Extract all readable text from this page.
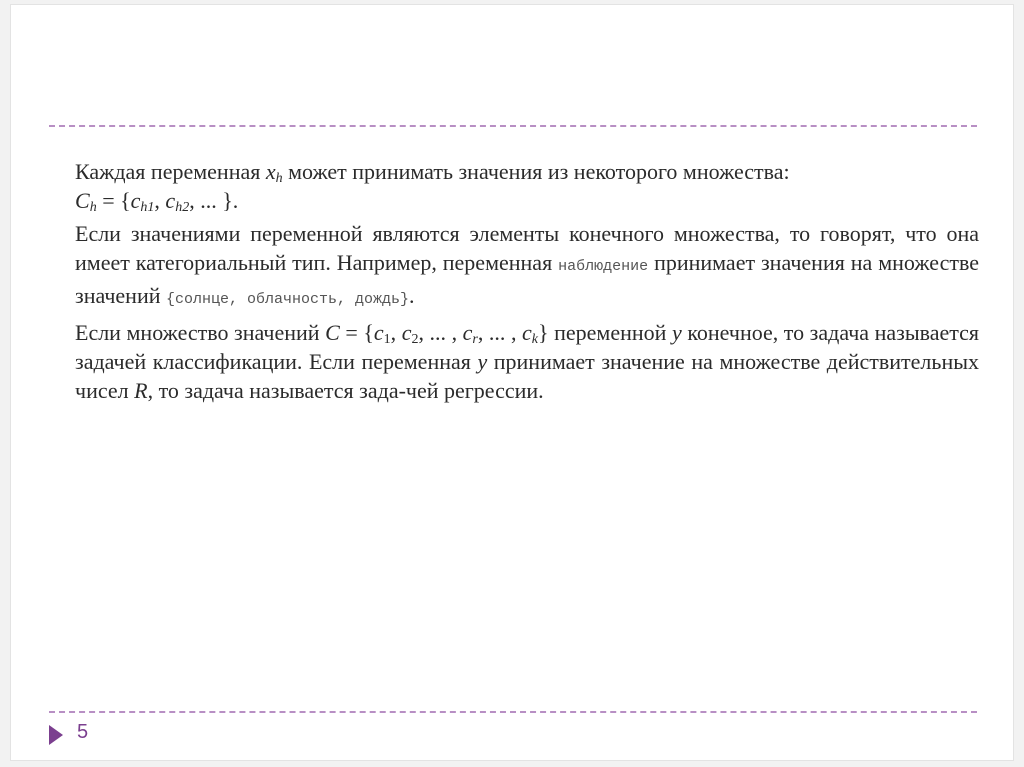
Каждая переменная $x_h$ может принимать значения из некоторого множества:

$C_h = \{c_{h1}$, $c_{h2}$, ... }.

Если значениями переменной являются элементы конечного множества, то говорят, что она имеет категориальный тип. Например, переменная наблюдение принимает значения на множестве значений {солнце, облачность, дождь}.

Если множество значений $C = \{c_1$, $c_2$, ... , $c_r$, ... , $c_k$} переменной y конечное, то задача называется задачей классификации. Если переменная y принимает значение на множестве действительных чисел R, то задача называется зада-чей регрессии.

5
